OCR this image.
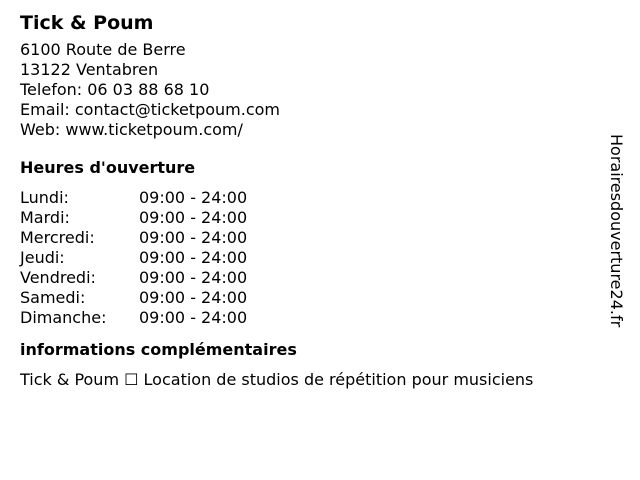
Tick & Poum
6100 Route de Berre
13122 Ventabren
Telefon: 06 03 88 68 10
Email: contact@ticketpoum.com
Web: www.ticketpoum.com/
Heures d'ouverture
Lundi:	09:00 - 24:00
Mardi:	09:00 - 24:00
Mercredi:	09:00 - 24:00
Jeudi:	09:00 - 24:00
Vendredi:	09:00 - 24:00
Samedi:	09:00 - 24:00
Dimanche:	09:00 - 24:00
informations complémentaires
Tick & Poum ☐ Location de studios de répétition pour musiciens
Horairesdouverture24.fr
